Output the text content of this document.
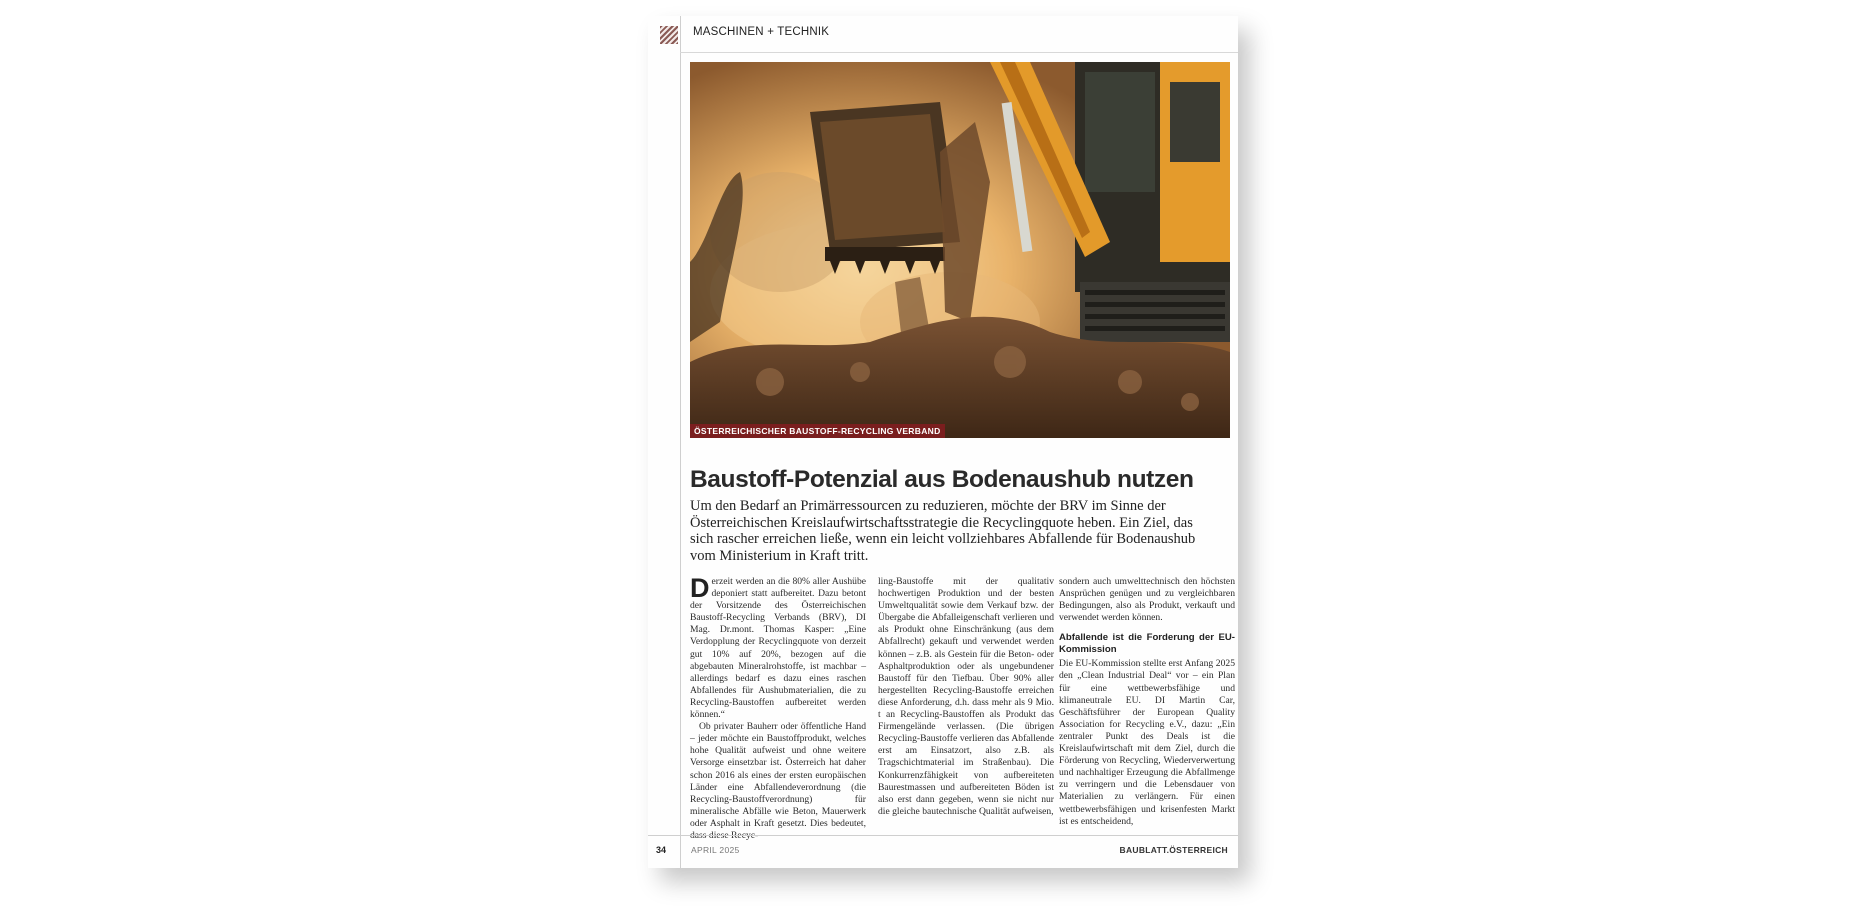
MASCHINEN + TECHNIK
ÖSTERREICHISCHER BAUSTOFF-RECYCLING VERBAND
Baustoff-Potenzial aus Bodenaushub nutzen
Um den Bedarf an Primärressourcen zu reduzieren, möchte der BRV im Sinne der Österreichischen Kreislaufwirtschaftsstrategie die Recyclingquote heben. Ein Ziel, das sich rascher erreichen ließe, wenn ein leicht vollziehbares Abfallende für Bodenaushub vom Ministerium in Kraft tritt.

Derzeit werden an die 80% aller Aushübe deponiert statt aufbereitet. Dazu betont der Vorsitzende des Österreichischen Baustoff-Recycling Verbands (BRV), DI Mag. Dr.mont. Thomas Kasper: „Eine Verdopplung der Recyclingquote von derzeit gut 10% auf 20%, bezogen auf die abgebauten Mineralrohstoffe, ist machbar – allerdings bedarf es dazu eines raschen Abfallendes für Aushubmaterialien, die zu Recycling-Baustoffen aufbereitet werden können.“

Ob privater Bauherr oder öffentliche Hand – jeder möchte ein Baustoffprodukt, welches hohe Qualität aufweist und ohne weitere Versorge einsetzbar ist. Österreich hat daher schon 2016 als eines der ersten europäischen Länder eine Abfallendeverordnung (die Recycling-Baustoffverordnung) für mineralische Abfälle wie Beton, Mauerwerk oder Asphalt in Kraft gesetzt. Dies bedeutet,

ling-Baustoffe mit der qualitativ hochwertigen Produktion und der besten Umweltqualität sowie dem Verkauf bzw. der Übergabe die Abfalleigenschaft verlieren und als Produkt ohne Einschränkung (aus dem Abfallrecht) gekauft und verwendet werden können – z.B. als Gestein für die Beton- oder Asphaltproduktion oder als ungebundener Baustoff für den Tiefbau. Über 90% aller hergestellten Recycling-Baustoffe erreichen diese Anforderung, d.h. dass mehr als 9 Mio. t an Recycling-Baustoffen als Produkt das Firmengelände verlassen. (Die übrigen Recycling-Baustoffe verlieren das Abfallende erst am Einsatzort, also z.B. als Tragschichtmaterial im Straßenbau). Die Konkurrenzfähigkeit von aufbereiteten Baurestmassen und aufbereiteten Böden ist also erst dann gegeben, wenn sie nicht nur die gleiche bautechnische Qualität aufweisen,

sondern auch umwelttechnisch den höchsten Ansprüchen genügen und zu vergleichbaren Bedingungen, also als Produkt, verkauft und verwendet werden können.

Abfallende ist die Forderung der EU-Kommission

Die EU-Kommission stellte erst Anfang 2025 den „Clean Industrial Deal“ vor – ein Plan für eine wettbewerbsfähige und klimaneutrale EU. DI Martin Car, Geschäftsführer der European Quality Association for Recycling e.V., dazu: „Ein zentraler Punkt des Deals ist die Kreislaufwirtschaft mit dem Ziel, durch die Förderung von Recycling, Wiederverwertung und nachhaltiger Erzeugung die Abfallmenge zu verringern und die Lebensdauer von Materialien zu verlängern. Für einen wettbewerbsfähigen und krisenfesten Markt ist es entscheidend,

34	APRIL 2025	BAUBLATT.ÖSTERREICH
